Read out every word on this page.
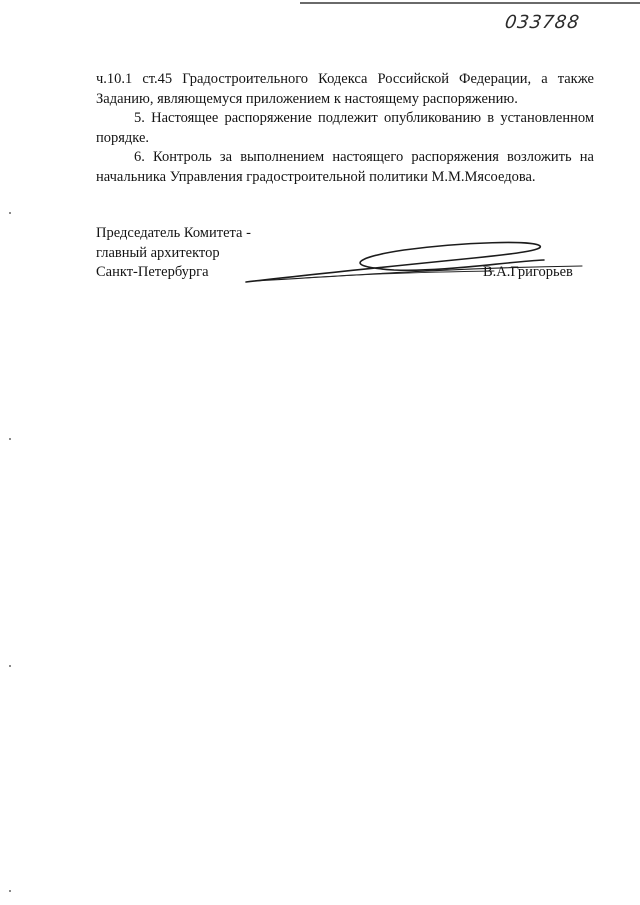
033788

ч.10.1 ст.45 Градостроительного Кодекса Российской Федерации, а также Заданию, являющемуся приложением к настоящему распоряжению.

5. Настоящее распоряжение подлежит опубликованию в установленном порядке.

6. Контроль за выполнением настоящего распоряжения возложить на начальника Управления градостроительной политики М.М.Мясоедова.

Председатель Комитета -
главный архитектор
Санкт-Петербурга	В.А.Григорьев
